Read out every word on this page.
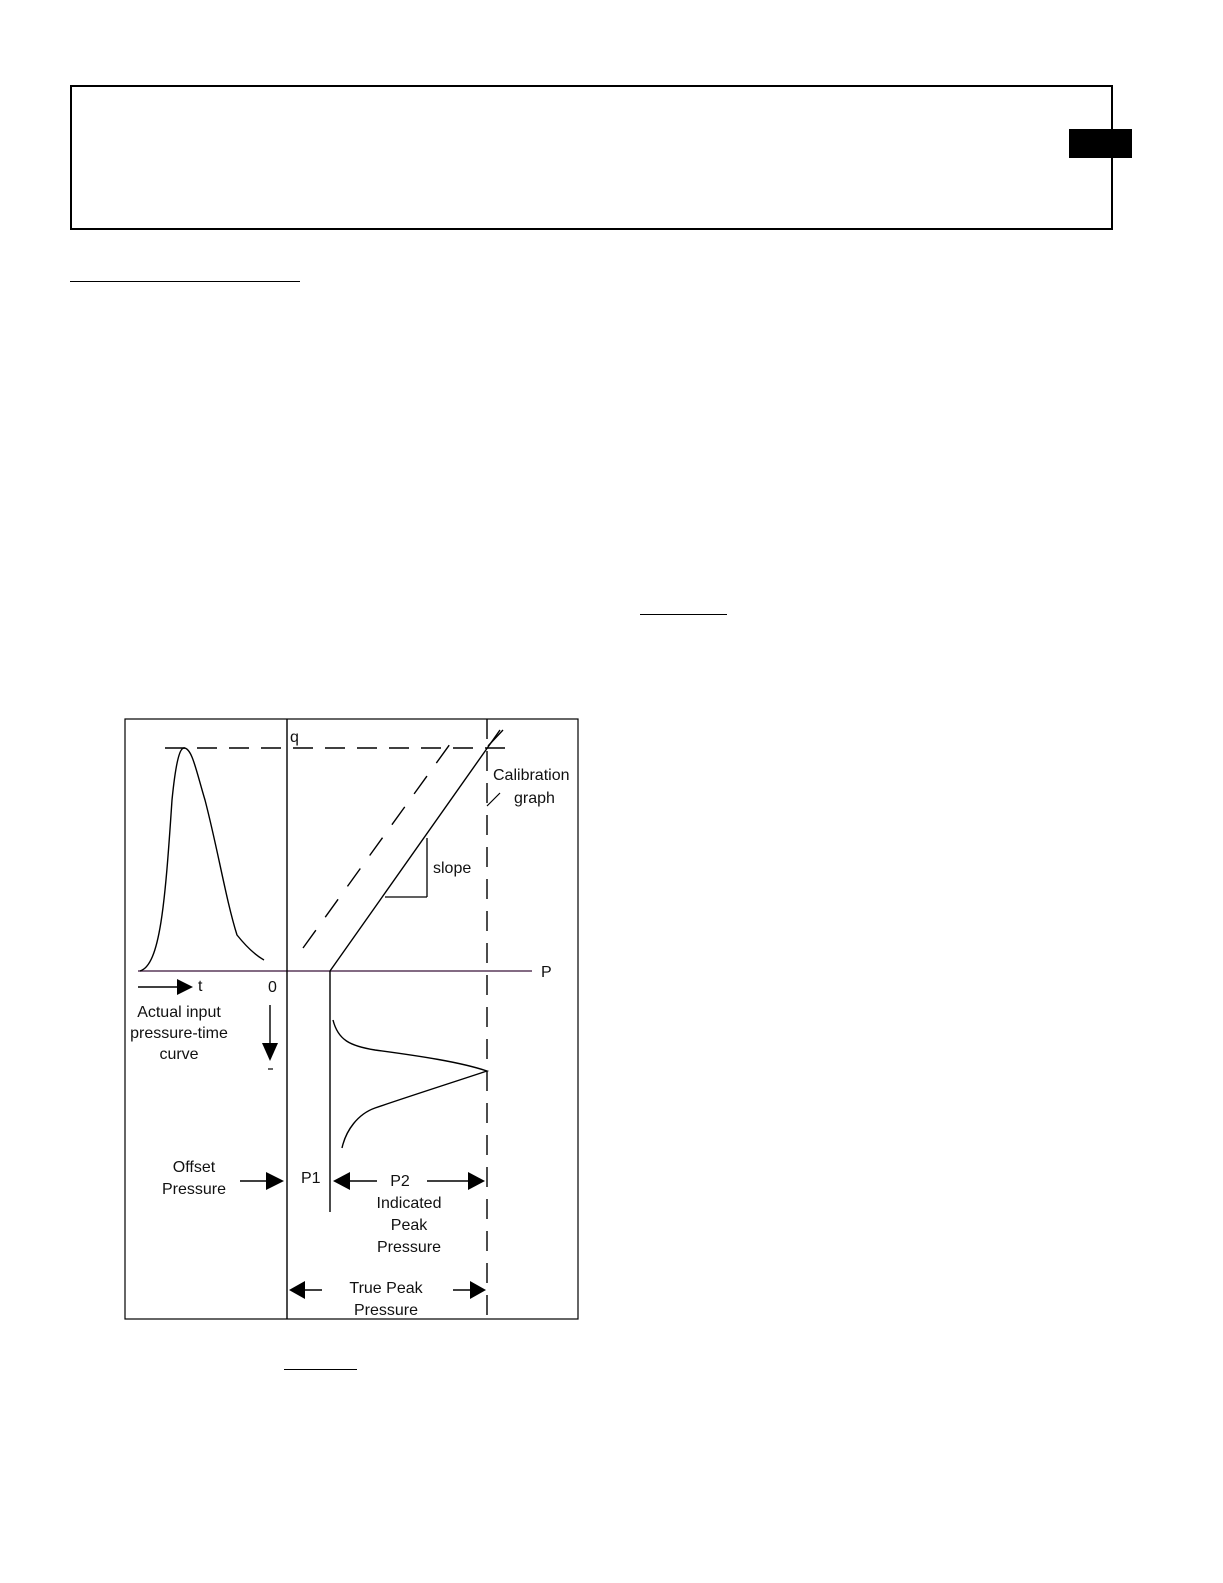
q
Calibration
graph
slope
P
t	0
Actual input
pressure-time
curve
Offset
Pressure
P1	P2
Indicated
Peak
Pressure
True Peak
Pressure
